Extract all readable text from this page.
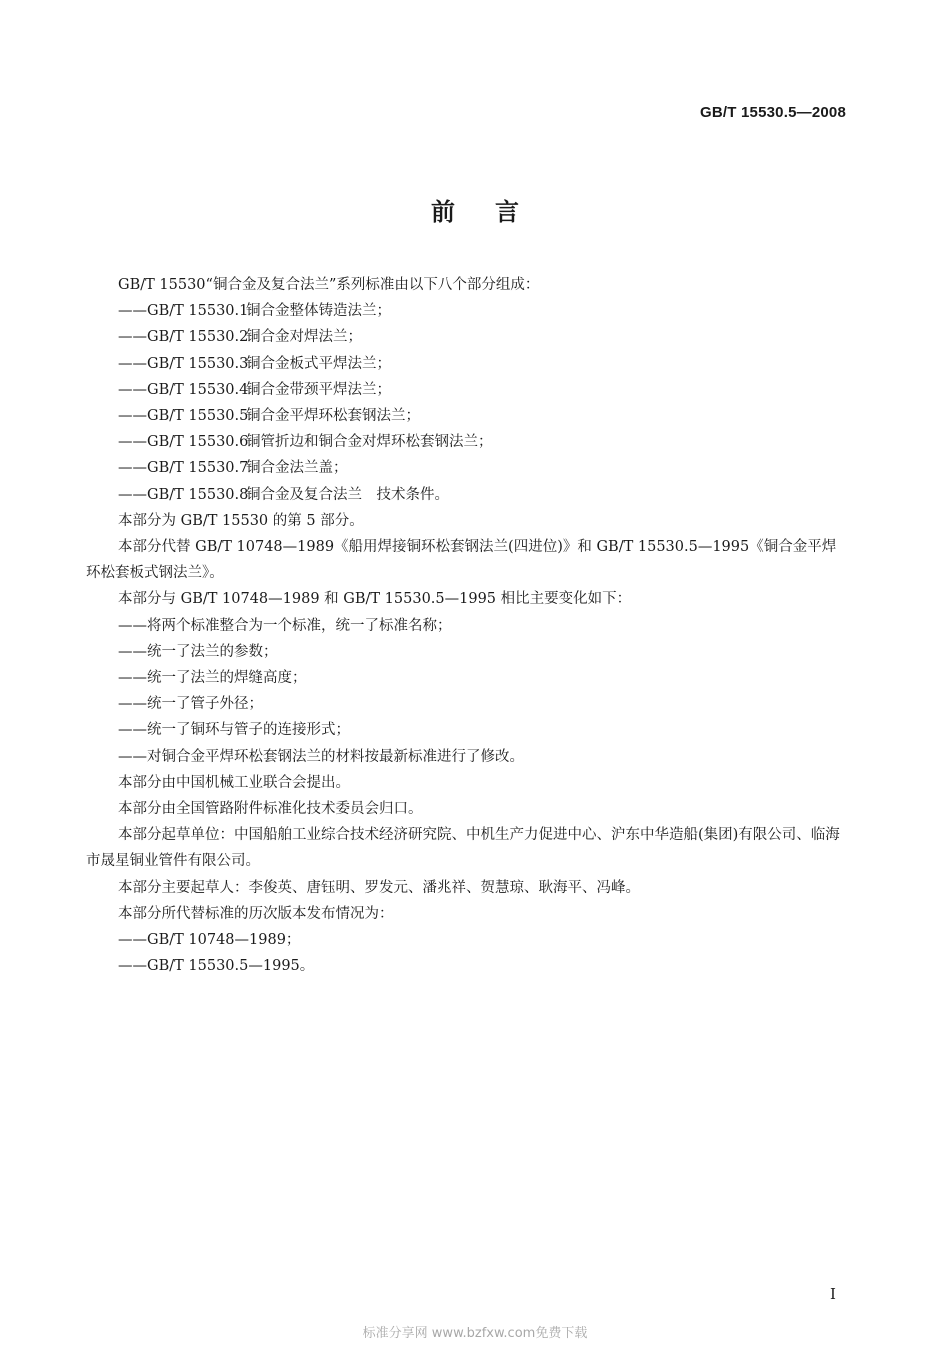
GB/T 15530.5—2008
前言
GB/T 15530“铜合金及复合法兰”系列标准由以下八个部分组成：
——GB/T 15530.1铜合金整体铸造法兰；
——GB/T 15530.2铜合金对焊法兰；
——GB/T 15530.3铜合金板式平焊法兰；
——GB/T 15530.4铜合金带颈平焊法兰；
——GB/T 15530.5铜合金平焊环松套钢法兰；
——GB/T 15530.6铜管折边和铜合金对焊环松套钢法兰；
——GB/T 15530.7铜合金法兰盖；
——GB/T 15530.8铜合金及复合法兰　技术条件。
本部分为 GB/T 15530 的第 5 部分。
本部分代替 GB/T 10748—1989《船用焊接铜环松套钢法兰(四进位)》和 GB/T 15530.5—1995《铜合金平焊环松套板式钢法兰》。
本部分与 GB/T 10748—1989 和 GB/T 15530.5—1995 相比主要变化如下：
——将两个标准整合为一个标准，统一了标准名称；
——统一了法兰的参数；
——统一了法兰的焊缝高度；
——统一了管子外径；
——统一了铜环与管子的连接形式；
——对铜合金平焊环松套钢法兰的材料按最新标准进行了修改。
本部分由中国机械工业联合会提出。
本部分由全国管路附件标准化技术委员会归口。
本部分起草单位：中国船舶工业综合技术经济研究院、中机生产力促进中心、沪东中华造船(集团)有限公司、临海市晟星铜业管件有限公司。
本部分主要起草人：李俊英、唐钰明、罗发元、潘兆祥、贺慧琼、耿海平、冯峰。
本部分所代替标准的历次版本发布情况为：
——GB/T 10748—1989；
——GB/T 15530.5—1995。
I
标准分享网 www.bzfxw.com免费下载
